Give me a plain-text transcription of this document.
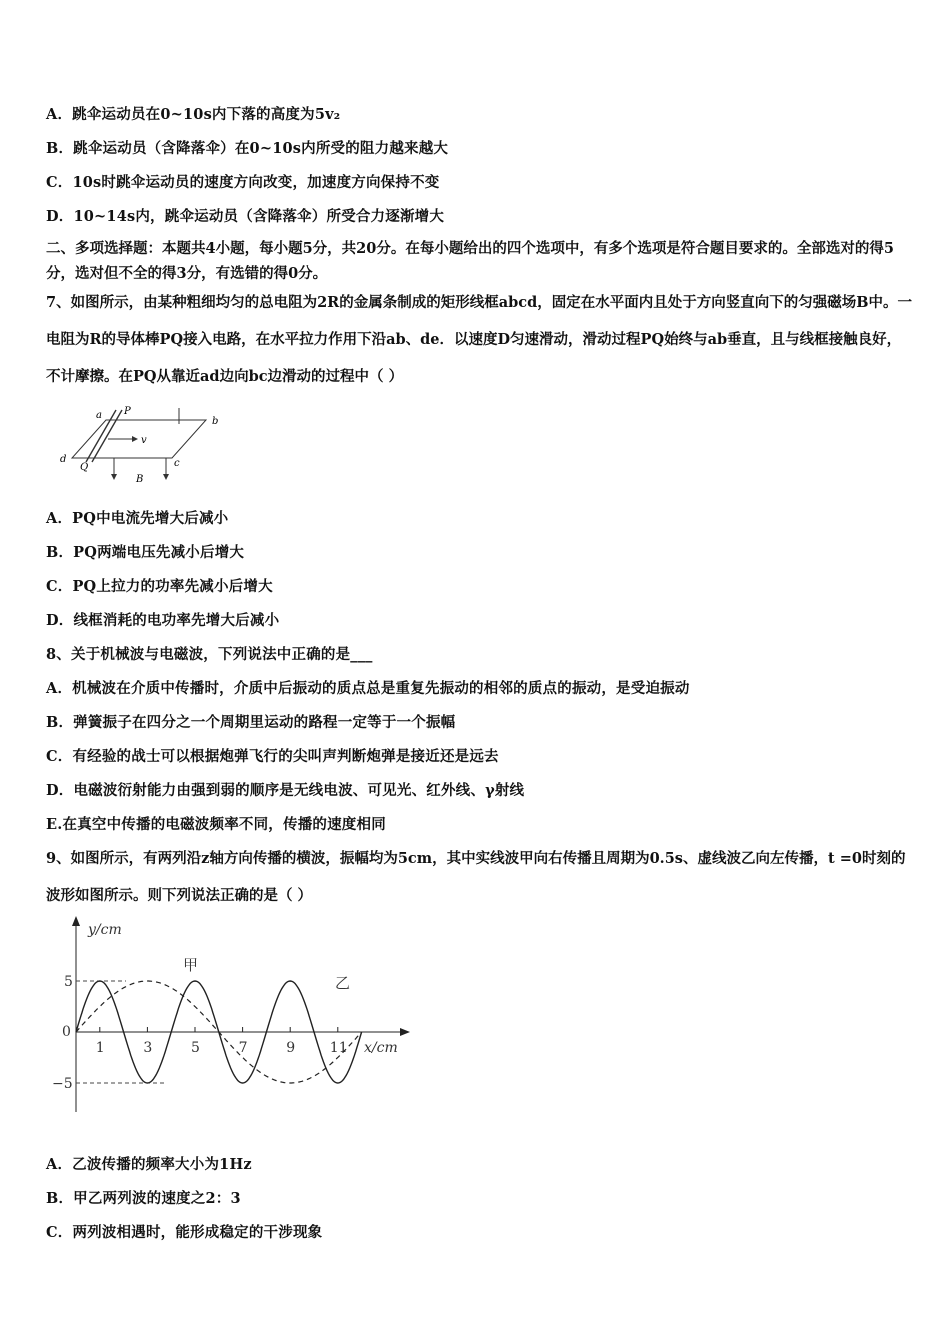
A．跳伞运动员在0~10s内下落的高度为5v₂
B．跳伞运动员（含降落伞）在0~10s内所受的阻力越来越大
C．10s时跳伞运动员的速度方向改变，加速度方向保持不变
D．10~14s内，跳伞运动员（含降落伞）所受合力逐渐增大
二、多项选择题：本题共4小题，每小题5分，共20分。在每小题给出的四个选项中，有多个选项是符合题目要求的。全部选对的得5分，选对但不全的得3分，有选错的得0分。
7、如图所示，由某种粗细均匀的总电阻为2R的金属条制成的矩形线框abcd，固定在水平面内且处于方向竖直向下的匀强磁场B中。一电阻为R的导体棒PQ接入电路，在水平拉力作用下沿ab、de．以速度D匀速滑动，滑动过程PQ始终与ab垂直，且与线框接触良好，不计摩擦。在PQ从靠近ad边向bc边滑动的过程中（ ）
a P
b
v
d
Q	c
B
A．PQ中电流先增大后减小
B．PQ两端电压先减小后增大
C．PQ上拉力的功率先减小后增大
D．线框消耗的电功率先增大后减小
8、关于机械波与电磁波，下列说法中正确的是___
A．机械波在介质中传播时，介质中后振动的质点总是重复先振动的相邻的质点的振动，是受迫振动
B．弹簧振子在四分之一个周期里运动的路程一定等于一个振幅
C．有经验的战士可以根据炮弹飞行的尖叫声判断炮弹是接近还是远去
D．电磁波衍射能力由强到弱的顺序是无线电波、可见光、红外线、γ射线
E.在真空中传播的电磁波频率不同，传播的速度相同
9、如图所示，有两列沿z轴方向传播的横波，振幅均为5cm，其中实线波甲向右传播且周期为0.5s、虚线波乙向左传播，t =0时刻的波形如图所示。则下列说法正确的是（ ）
y/cm
x/cm
0
5
−5
1	3	5	7	9 11
甲
乙
A．乙波传播的频率大小为1Hz
B．甲乙两列波的速度之2：3
C．两列波相遇时，能形成稳定的干涉现象
